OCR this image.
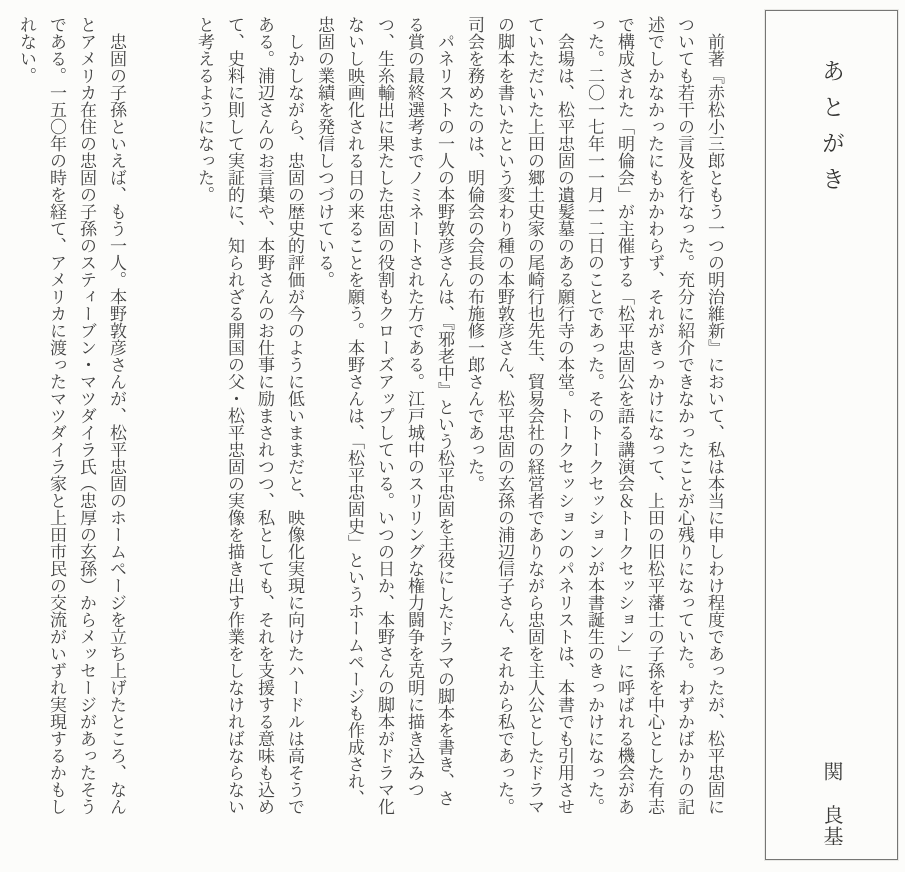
前著『赤松小三郎ともう一つの明治維新』において、私は本当に申しわけ程度であったが、松平忠固についても若干の言及を行なった。充分に紹介できなかったことが心残りになっていた。わずかばかりの記述でしかなかったにもかかわらず、それがきっかけになって、上田の旧松平藩士の子孫を中心とした有志で構成された「明倫会」が主催する「松平忠固公を語る講演会＆トークセッション」に呼ばれる機会があった。二〇一七年一一月一二日のことであった。そのトークセッションが本書誕生のきっかけになった。

会場は、松平忠固の遺髪墓のある願行寺の本堂。トークセッションのパネリストは、本書でも引用させていただいた上田の郷土史家の尾崎行也先生、貿易会社の経営者でありながら忠固を主人公としたドラマの脚本を書いたという変わり種の本野敦彦さん、松平忠固の玄孫の浦辺信子さん、それから私であった。司会を務めたのは、明倫会の会長の布施修一郎さんであった。

パネリストの一人の本野敦彦さんは、『邪老中』という松平忠固を主役にしたドラマの脚本を書き、さる賞の最終選考までノミネートされた方である。江戸城中のスリリングな権力闘争を克明に描き込みつつ、生糸輸出に果たした忠固の役割もクローズアップしている。いつの日か、本野さんの脚本がドラマ化ないし映画化される日の来ることを願う。本野さんは、「松平忠固史」というホームページも作成され、忠固の業績を発信しつづけている。

しかしながら、忠固の歴史的評価が今のように低いままだと、映像化実現に向けたハードルは高そうである。浦辺さんのお言葉や、本野さんのお仕事に励まされつつ、私としても、それを支援する意味も込めて、史料に則して実証的に、知られざる開国の父・松平忠固の実像を描き出す作業をしなければならないと考えるようになった。

忠固の子孫といえば、もう一人。本野敦彦さんが、松平忠固のホームページを立ち上げたところ、なんとアメリカ在住の忠固の子孫のスティーブン・マツダイラ氏（忠厚の玄孫）からメッセージがあったそうである。一五〇年の時を経て、アメリカに渡ったマツダイラ家と上田市民の交流がいずれ実現するかもしれない。

あとがき
関　良基
